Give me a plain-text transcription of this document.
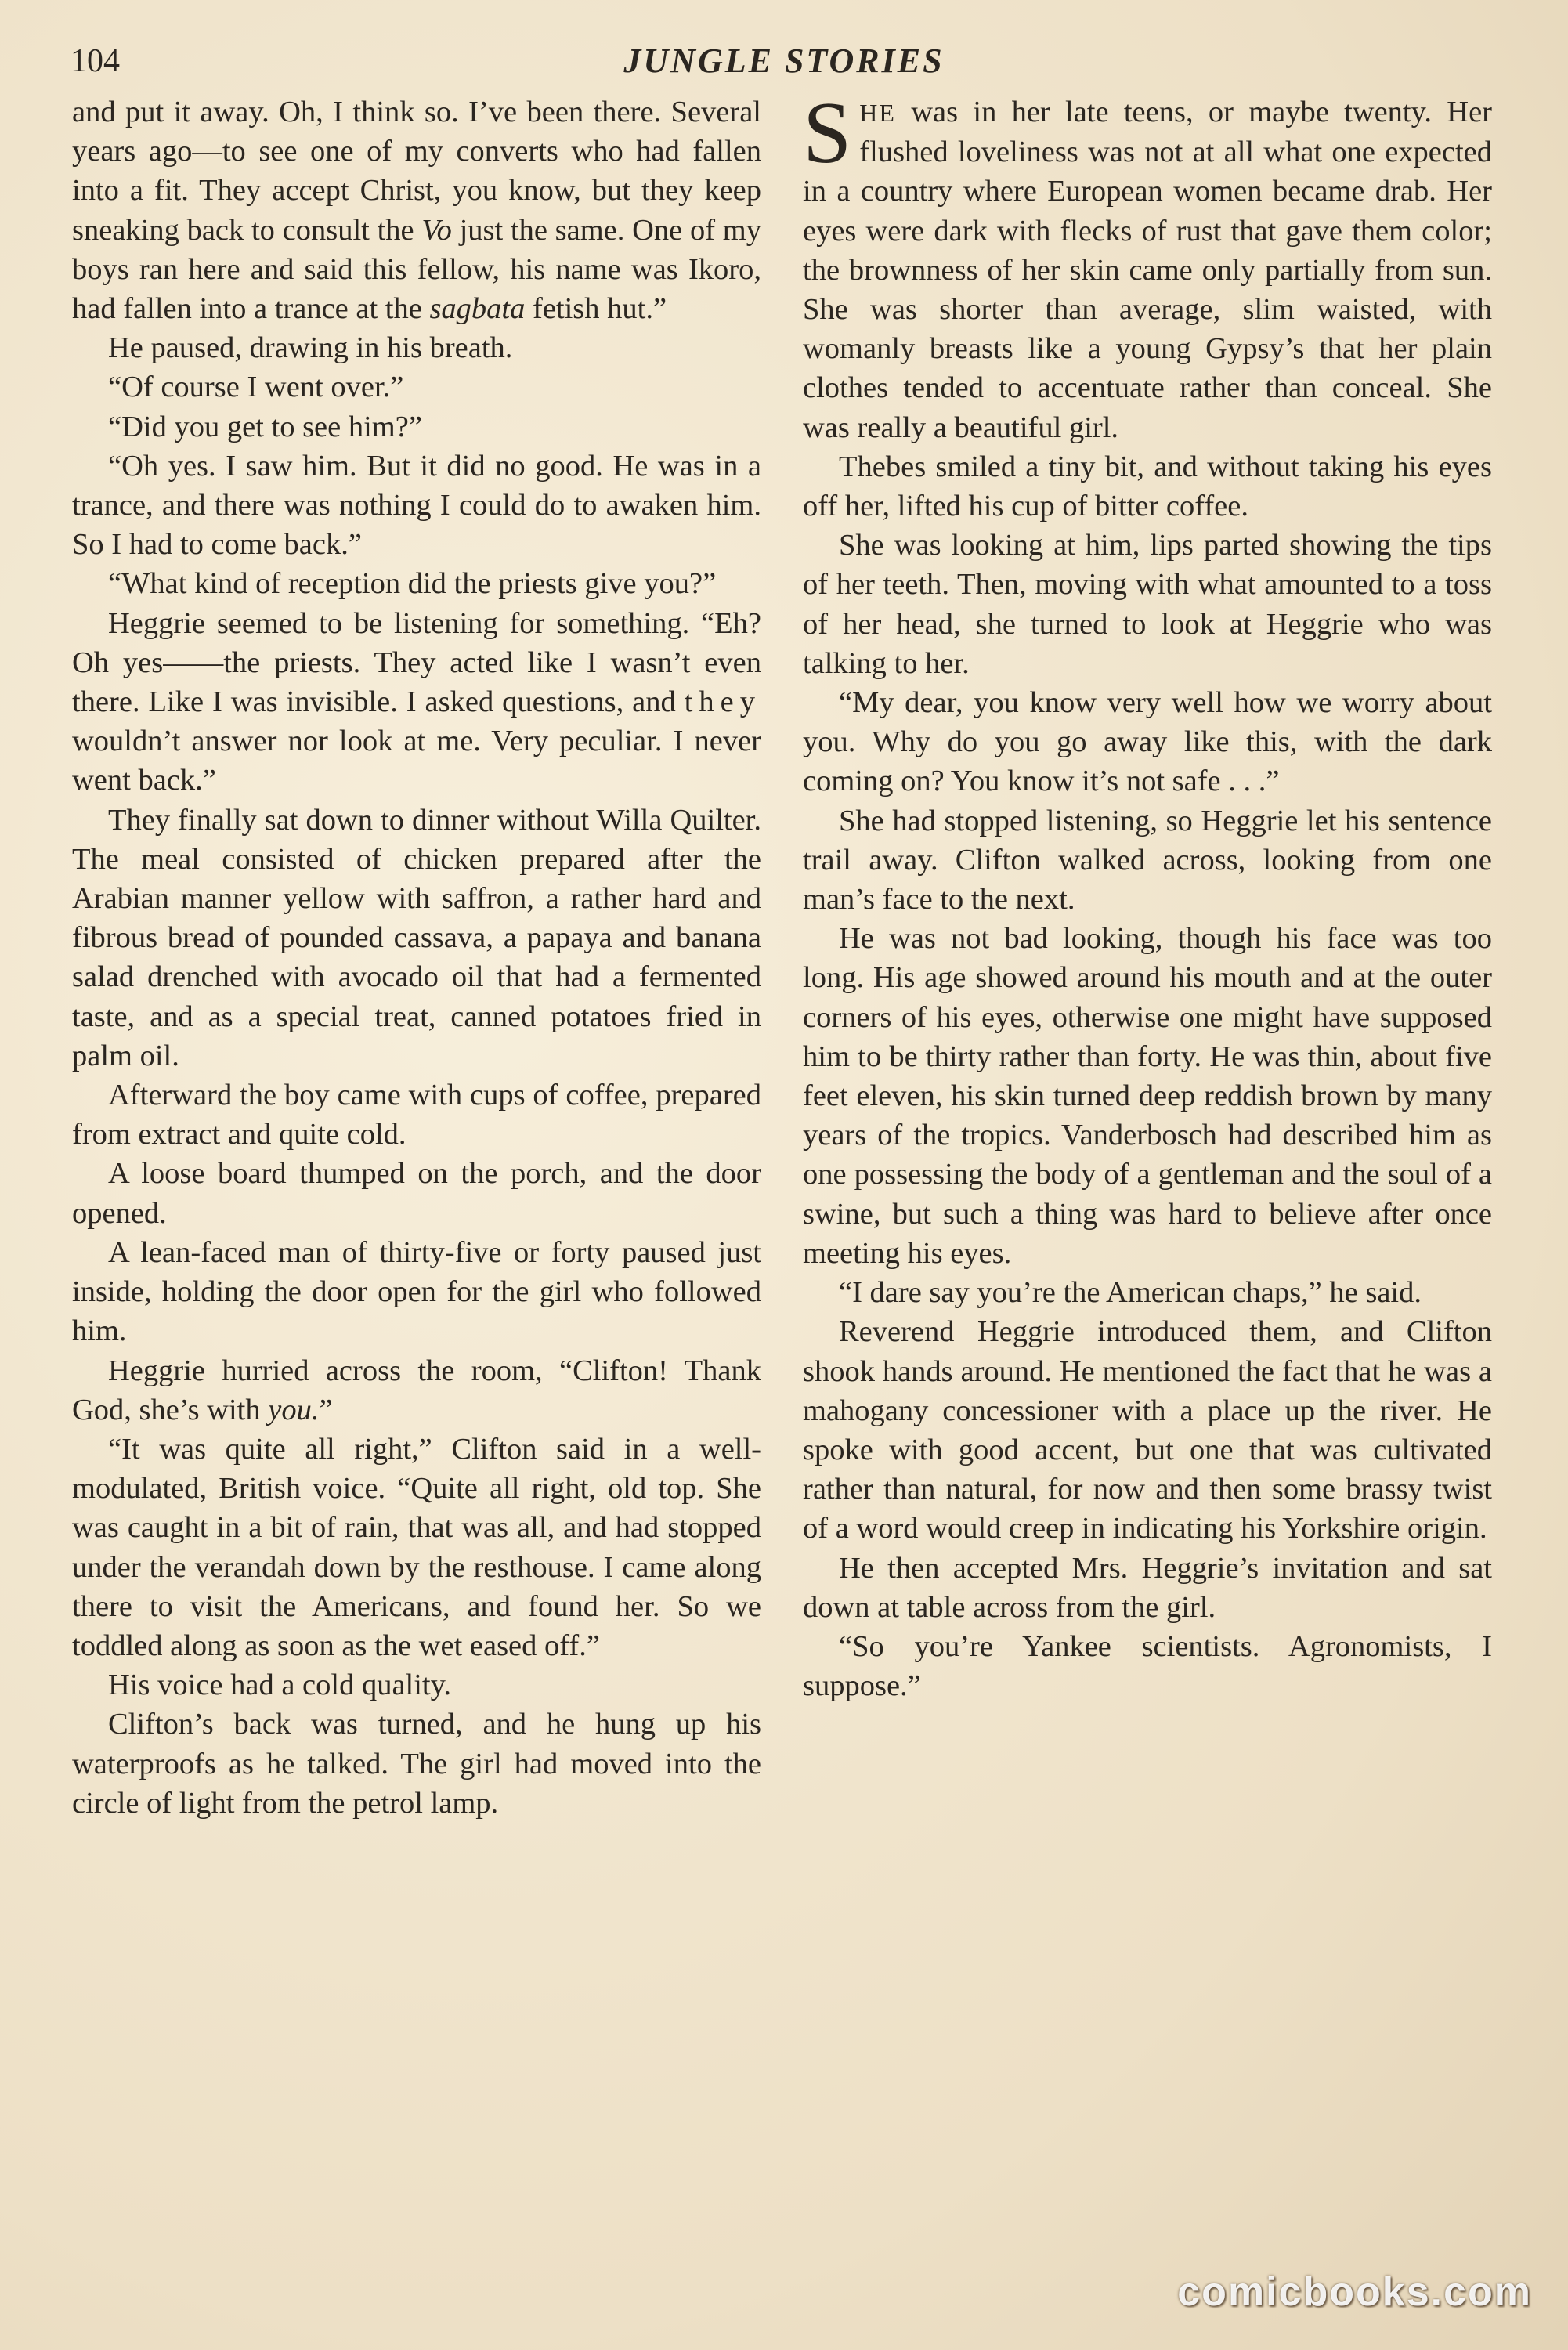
104	JUNGLE STORIES

and put it away. Oh, I think so. I’ve been there. Several years ago—to see one of my converts who had fallen into a fit. They accept Christ, you know, but they keep sneaking back to consult the Vo just the same. One of my boys ran here and said this fellow, his name was Ikoro, had fallen into a trance at the sagbata fetish hut.”

He paused, drawing in his breath.

“Of course I went over.”

“Did you get to see him?”

“Oh yes. I saw him. But it did no good. He was in a trance, and there was nothing I could do to awaken him. So I had to come back.”

“What kind of reception did the priests give you?”

Heggrie seemed to be listening for something. “Eh? Oh yes——the priests. They acted like I wasn’t even there. Like I was invisible. I asked questions, and they wouldn’t answer nor look at me. Very peculiar. I never went back.”

They finally sat down to dinner without Willa Quilter. The meal consisted of chicken prepared after the Arabian manner yellow with saffron, a rather hard and fibrous bread of pounded cassava, a papaya and banana salad drenched with avocado oil that had a fermented taste, and as a special treat, canned potatoes fried in palm oil.

Afterward the boy came with cups of coffee, prepared from extract and quite cold.

A loose board thumped on the porch, and the door opened.

A lean-faced man of thirty-five or forty paused just inside, holding the door open for the girl who followed him.

Heggrie hurried across the room, “Clifton! Thank God, she’s with you.”

“It was quite all right,” Clifton said in a well-modulated, British voice. “Quite all right, old top. She was caught in a bit of rain, that was all, and had stopped under the verandah down by the resthouse. I came along there to visit the Americans, and found her. So we toddled along as soon as the wet eased off.”

His voice had a cold quality.

Clifton’s back was turned, and he hung up his waterproofs as he talked. The girl had moved into the circle of light from the petrol lamp.

SHE was in her late teens, or maybe twenty. Her flushed loveliness was not at all what one expected in a country where European women became drab. Her eyes were dark with flecks of rust that gave them color; the brownness of her skin came only partially from sun. She was shorter than average, slim waisted, with womanly breasts like a young Gypsy’s that her plain clothes tended to accentuate rather than conceal. She was really a beautiful girl.

Thebes smiled a tiny bit, and without taking his eyes off her, lifted his cup of bitter coffee.

She was looking at him, lips parted showing the tips of her teeth. Then, moving with what amounted to a toss of her head, she turned to look at Heggrie who was talking to her.

“My dear, you know very well how we worry about you. Why do you go away like this, with the dark coming on? You know it’s not safe . . .”

She had stopped listening, so Heggrie let his sentence trail away. Clifton walked across, looking from one man’s face to the next.

He was not bad looking, though his face was too long. His age showed around his mouth and at the outer corners of his eyes, otherwise one might have supposed him to be thirty rather than forty. He was thin, about five feet eleven, his skin turned deep reddish brown by many years of the tropics. Vanderbosch had described him as one possessing the body of a gentleman and the soul of a swine, but such a thing was hard to believe after once meeting his eyes.

“I dare say you’re the American chaps,” he said.

Reverend Heggrie introduced them, and Clifton shook hands around. He mentioned the fact that he was a mahogany concessioner with a place up the river. He spoke with good accent, but one that was cultivated rather than natural, for now and then some brassy twist of a word would creep in indicating his Yorkshire origin.

He then accepted Mrs. Heggrie’s invitation and sat down at table across from the girl.

“So you’re Yankee scientists. Agronomists, I suppose.”

comicbooks.com
